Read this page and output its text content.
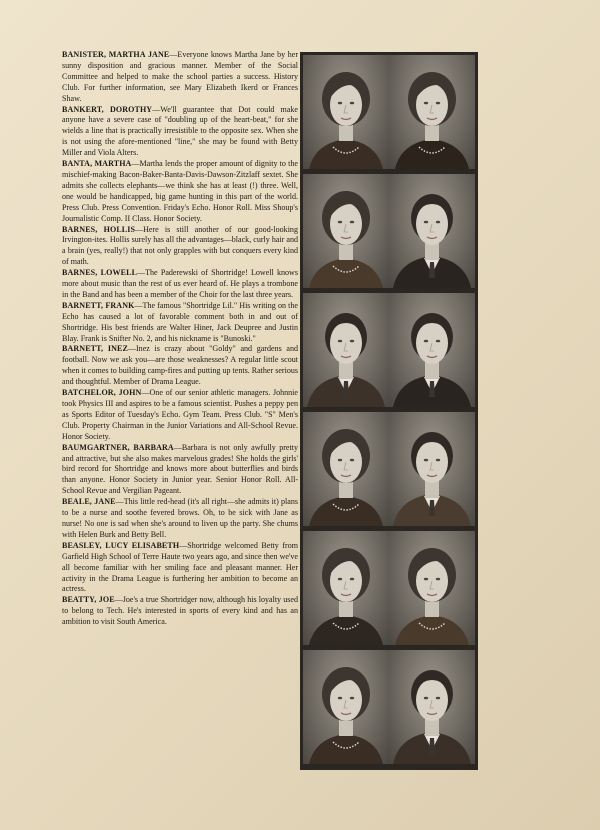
BANISTER, MARTHA JANE—Everyone knows Martha Jane by her sunny disposition and gracious manner. Member of the Social Committee and helped to make the school parties a success. History Club. For further information, see Mary Elizabeth Ikerd or Frances Shaw.

BANKERT, DOROTHY—We'll guarantee that Dot could make anyone have a severe case of "doubling up of the heart-beat," for she wields a line that is practically irresistible to the opposite sex. When she is not using the afore-mentioned "line," she may be found with Betty Miller and Viola Alters.

BANTA, MARTHA—Martha lends the proper amount of dignity to the mischief-making Bacon-Baker-Banta-Davis-Dawson-Zitzlaff sextet. She admits she collects elephants—we think she has at least (!) three. Well, one would be handicapped, big game hunting in this part of the world. Press Club. Press Convention. Friday's Echo. Honor Roll. Miss Shoup's Journalistic Comp. II Class. Honor Society.

BARNES, HOLLIS—Here is still another of our good-looking Irvington-ites. Hollis surely has all the advantages—black, curly hair and a brain (yes, really!) that not only grapples with but conquers every kind of math.

BARNES, LOWELL—The Paderewski of Shortridge! Lowell knows more about music than the rest of us ever heard of. He plays a trombone in the Band and has been a member of the Choir for the last three years.

BARNETT, FRANK—The famous "Shortridge Lil." His writing on the Echo has caused a lot of favorable comment both in and out of Shortridge. His best friends are Walter Hiner, Jack Deupree and Justin Blay. Frank is Snifter No. 2, and his nickname is "Bunoski."

BARNETT, INEZ—Inez is crazy about "Goldy" and gardens and football. Now we ask you—are those weaknesses? A regular little scout when it comes to building camp-fires and putting up tents. Rather serious and thoughtful. Member of Drama League.

BATCHELOR, JOHN—One of our senior athletic managers. Johnnie took Physics III and aspires to be a famous scientist. Pushes a peppy pen as Sports Editor of Tuesday's Echo. Gym Team. Press Club. "S" Men's Club. Property Chairman in the Junior Variations and All-School Revue. Honor Society.

BAUMGARTNER, BARBARA—Barbara is not only awfully pretty and attractive, but she also makes marvelous grades! She holds the girls' bird record for Shortridge and knows more about butterflies and birds than anyone. Honor Society in Junior year. Senior Honor Roll. All-School Revue and Vergilian Pageant.

BEALE, JANE—This little red-head (it's all right—she admits it) plans to be a nurse and soothe fevered brows. Oh, to be sick with Jane as nurse! No one is sad when she's around to liven up the party. She chums with Helen Burk and Betty Bell.

BEASLEY, LUCY ELISABETH—Shortridge welcomed Betty from Garfield High School of Terre Haute two years ago, and since then we've all become familiar with her smiling face and pleasant manner. Her activity in the Drama League is furthering her ambition to become an actress.

BEATTY, JOE—Joe's a true Shortridger now, although his loyalty used to belong to Tech. He's interested in sports of every kind and has an ambition to visit South America.
